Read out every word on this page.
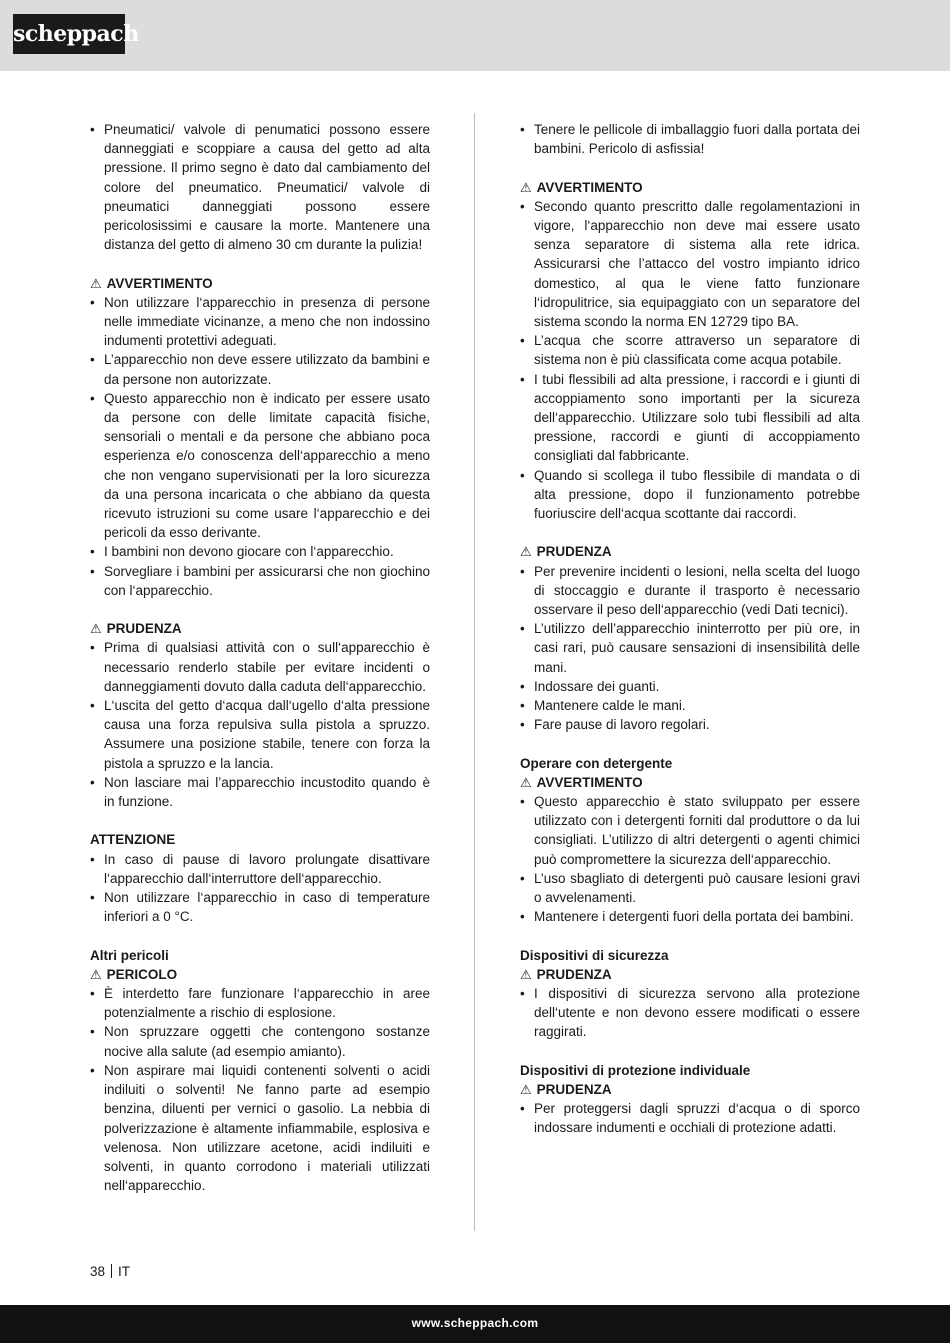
scheppach
• Pneumatici/ valvole di penumatici possono essere danneggiati e scoppiare a causa del getto ad alta pressione. Il primo segno è dato dal cambiamento del colore del pneumatico. Pneumatici/ valvole di pneumatici danneggiati possono essere pericolosissimi e causare la morte. Mantenere una distanza del getto di almeno 30 cm durante la pulizia!

⚠ AVVERTIMENTO

• Non utilizzare l‘apparecchio in presenza di persone nelle immediate vicinanze, a meno che non indossino indumenti protettivi adeguati.
• L’apparecchio non deve essere utilizzato da bambini e da persone non autorizzate.
• Questo apparecchio non è indicato per essere usato da persone con delle limitate capacità fisiche, sensoriali o mentali e da persone che abbiano poca esperienza e/o conoscenza dell‘apparecchio a meno che non vengano supervisionati per la loro sicurezza da una persona incaricata o che abbiano da questa ricevuto istruzioni su come usare l‘apparecchio e dei pericoli da esso derivante.
• I bambini non devono giocare con l‘apparecchio.
• Sorvegliare i bambini per assicurarsi che non giochino con l‘apparecchio.

⚠ PRUDENZA

• Prima di qualsiasi attività con o sull‘apparecchio è necessario renderlo stabile per evitare incidenti o danneggiamenti dovuto dalla caduta dell‘apparecchio.
• L‘uscita del getto d‘acqua dall‘ugello d‘alta pressione causa una forza repulsiva sulla pistola a spruzzo. Assumere una posizione stabile, tenere con forza la pistola a spruzzo e la lancia.
• Non lasciare mai l’apparecchio incustodito quando è in funzione.

ATTENZIONE

• In caso di pause di lavoro prolungate disattivare l‘apparecchio dall‘interruttore dell‘apparecchio.
• Non utilizzare l‘apparecchio in caso di temperature inferiori a 0 °C.

Altri pericoli

⚠ PERICOLO

• È interdetto fare funzionare l‘apparecchio in aree potenzialmente a rischio di esplosione.
• Non spruzzare oggetti che contengono sostanze nocive alla salute (ad esempio amianto).
• Non aspirare mai liquidi contenenti solventi o acidi indiluiti o solventi! Ne fanno parte ad esempio benzina, diluenti per vernici o gasolio. La nebbia di polverizzazione è altamente infiammabile, esplosiva e velenosa. Non utilizzare acetone, acidi indiluiti e solventi, in quanto corrodono i materiali utilizzati nell‘apparecchio.
• Tenere le pellicole di imballaggio fuori dalla portata dei bambini. Pericolo di asfissia!

⚠ AVVERTIMENTO

• Secondo quanto prescritto dalle regolamentazioni in vigore, l‘apparecchio non deve mai essere usato senza separatore di sistema alla rete idrica. Assicurarsi che l’attacco del vostro impianto idrico domestico, al qua le viene fatto funzionare l‘idropulitrice, sia equipaggiato con un separatore del sistema scondo la norma EN 12729 tipo BA.
• L’acqua che scorre attraverso un separatore di sistema non è più classificata come acqua potabile.
• I tubi flessibili ad alta pressione, i raccordi e i giunti di accoppiamento sono importanti per la sicureza dell‘apparecchio. Utilizzare solo tubi flessibili ad alta pressione, raccordi e giunti di accoppiamento consigliati dal fabbricante.
• Quando si scollega il tubo flessibile di mandata o di alta pressione, dopo il funzionamento potrebbe fuoriuscire dell‘acqua scottante dai raccordi.

⚠ PRUDENZA

• Per prevenire incidenti o lesioni, nella scelta del luogo di stoccaggio e durante il trasporto è necessario osservare il peso dell‘apparecchio (vedi Dati tecnici).
• L’utilizzo dell’apparecchio ininterrotto per più ore, in casi rari, può causare sensazioni di insensibilità delle mani.
• Indossare dei guanti.
• Mantenere calde le mani.
• Fare pause di lavoro regolari.

Operare con detergente

⚠ AVVERTIMENTO

• Questo apparecchio è stato sviluppato per essere utilizzato con i detergenti forniti dal produttore o da lui consigliati. L’utilizzo di altri detergenti o agenti chimici può compromettere la sicurezza dell‘apparecchio.
• L’uso sbagliato di detergenti può causare lesioni gravi o avvelenamenti.
• Mantenere i detergenti fuori della portata dei bambini.

Dispositivi di sicurezza

⚠ PRUDENZA

• I dispositivi di sicurezza servono alla protezione dell‘utente e non devono essere modificati o essere raggirati.

Dispositivi di protezione individuale

⚠ PRUDENZA

• Per proteggersi dagli spruzzi d‘acqua o di sporco indossare indumenti e occhiali di protezione adatti.
38 IT
www.scheppach.com
